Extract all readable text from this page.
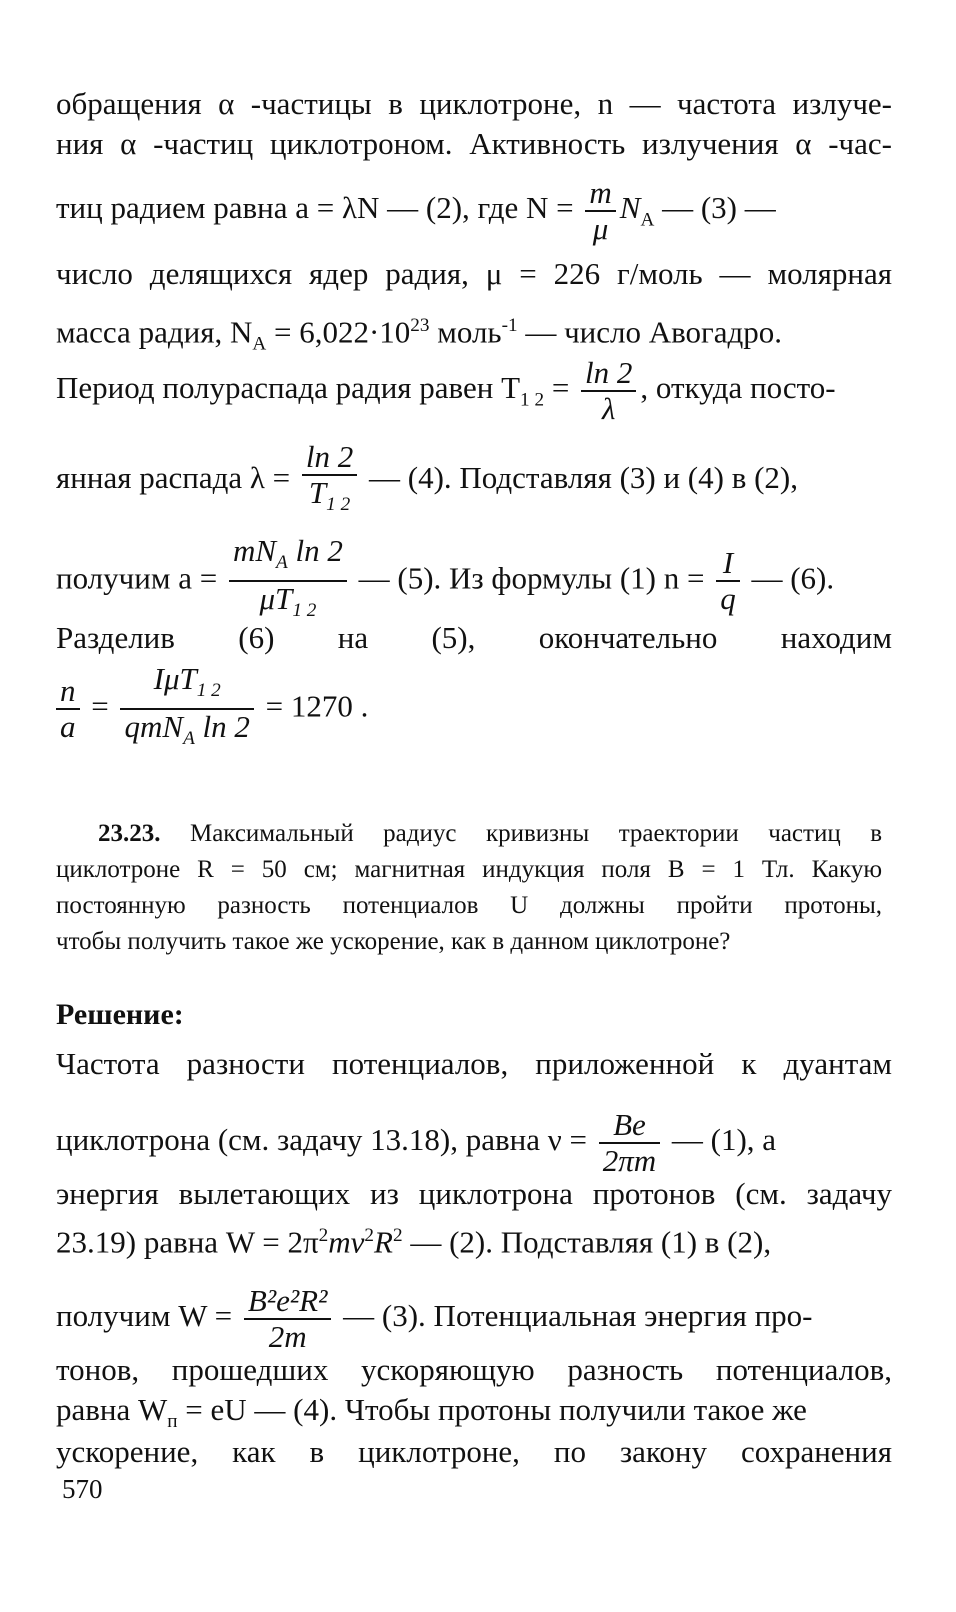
обращения α -частицы в циклотроне, n — частота излуче-
ния α -частиц циклотроном. Активность излучения α -час-
тиц радием равна a = λN — (2), где $N = \frac{m}{\mu} N_A$ — (3) —
число делящихся ядер радия, μ = 226 г/моль — молярная
масса радия, $N_A = 6,022\cdot 10^{23}$ моль$^{-1}$ — число Авогадро.
Период полураспада радия равен $T_{1 2} = \frac{\ln 2}{\lambda}$ , откуда посто-
янная распада $\lambda = \frac{\ln 2}{T_{1 2}}$ — (4). Подставляя (3) и (4) в (2),
получим $a = \frac{mN_A \ln 2}{\mu T_{1 2}}$ — (5). Из формулы (1) $n = \frac{I}{q}$ — (6).
Разделив (6) на (5), окончательно находим
$\frac{n}{a} = \frac{I\mu T_{1 2}}{qmN_A \ln 2} = 1270$ .
23.23. Максимальный радиус кривизны траектории частиц в
циклотроне R = 50 см; магнитная индукция поля B = 1 Тл. Какую
постоянную разность потенциалов U должны пройти протоны,
чтобы получить такое же ускорение, как в данном циклотроне?
Решение:
Частота разности потенциалов, приложенной к дуантам
циклотрона (см. задачу 13.18), равна $\nu = \frac{Be}{2\pi m}$ — (1), а
энергия вылетающих из циклотрона протонов (см. задачу
23.19) равна $W = 2\pi^2m\nu^2R^2$ — (2). Подставляя (1) в (2),
получим $W = \frac{\text{B²e²R²}}{2m}$ — (3). Потенциальная энергия про-
тонов, прошедших ускоряющую разность потенциалов,
равна $W_п$ = eU — (4). Чтобы протоны получили такое же
ускорение, как в циклотроне, по закону сохранения
570
